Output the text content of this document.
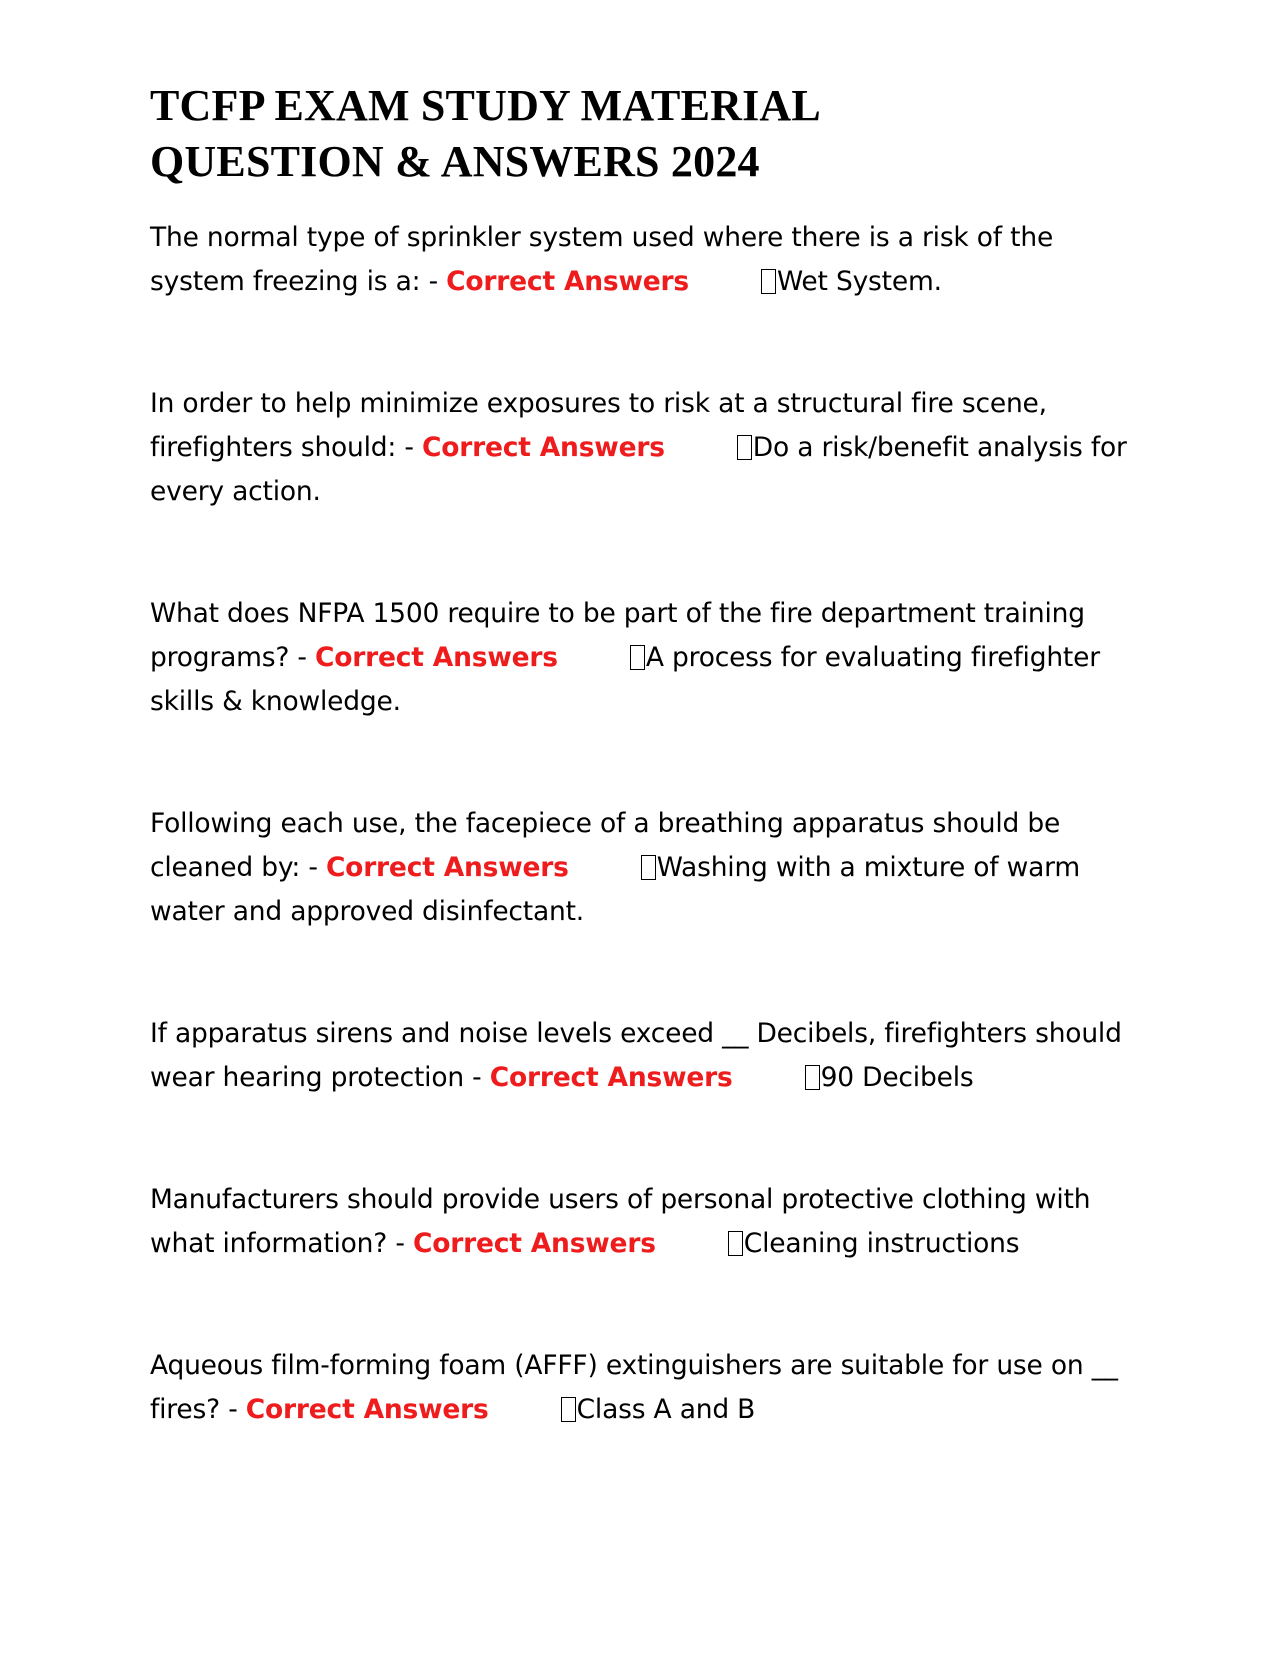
TCFP EXAM STUDY MATERIAL
QUESTION & ANSWERS 2024

The normal type of sprinkler system used where there is a risk of the system freezing is a: - Correct Answers	Wet System.

In order to help minimize exposures to risk at a structural fire scene, firefighters should: - Correct Answers	Do a risk/benefit analysis for every action.

What does NFPA 1500 require to be part of the fire department training programs? - Correct Answers	A process for evaluating firefighter skills & knowledge.

Following each use, the facepiece of a breathing apparatus should be cleaned by: - Correct Answers	Washing with a mixture of warm water and approved disinfectant.

If apparatus sirens and noise levels exceed __ Decibels, firefighters should wear hearing protection - Correct Answers	90 Decibels

Manufacturers should provide users of personal protective clothing with what information? - Correct Answers	Cleaning instructions

Aqueous film-forming foam (AFFF) extinguishers are suitable for use on __ fires? - Correct Answers	Class A and B
